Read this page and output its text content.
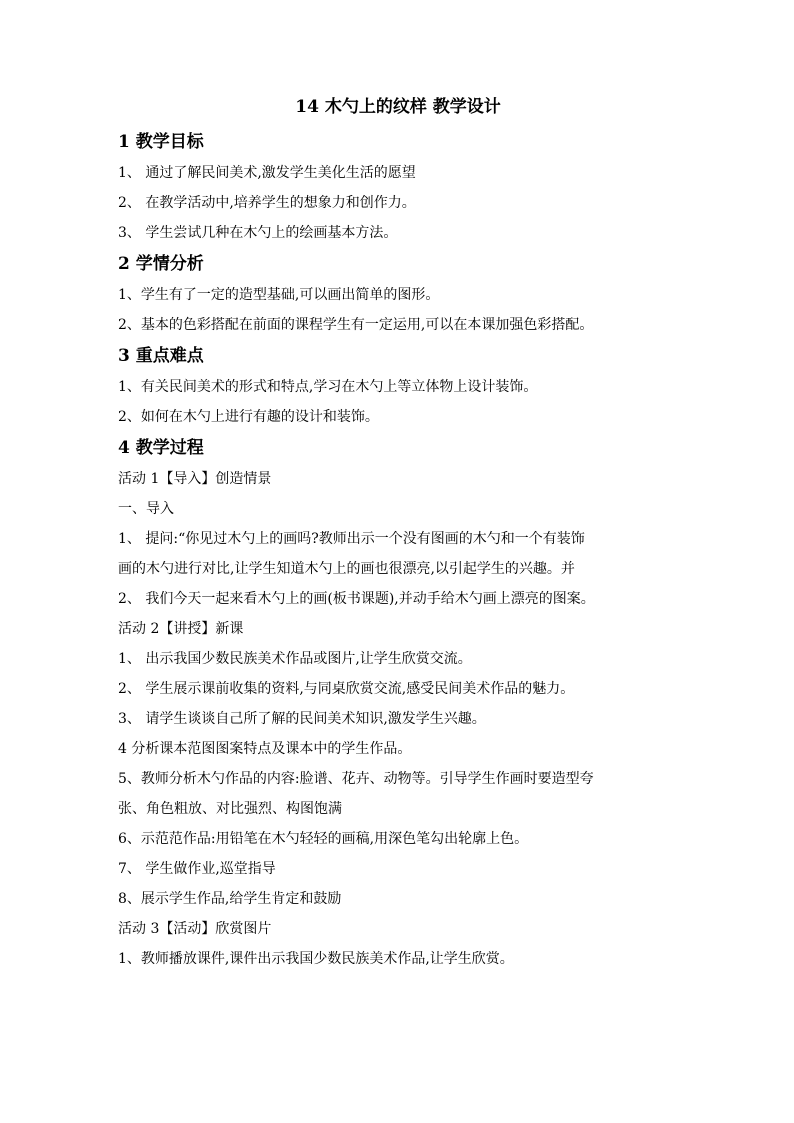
14 木勺上的纹样 教学设计
1 教学目标
1、 通过了解民间美术,激发学生美化生活的愿望
2、 在教学活动中,培养学生的想象力和创作力。
3、 学生尝试几种在木勺上的绘画基本方法。
2 学情分析
1、学生有了一定的造型基础,可以画出简单的图形。
2、基本的色彩搭配在前面的课程学生有一定运用,可以在本课加强色彩搭配。
3 重点难点
1、有关民间美术的形式和特点,学习在木勺上等立体物上设计装饰。
2、如何在木勺上进行有趣的设计和装饰。
4 教学过程
活动 1【导入】创造情景
一、导入
1、 提问:“你见过木勺上的画吗?教师出示一个没有图画的木勺和一个有装饰
画的木勺进行对比,让学生知道木勺上的画也很漂亮,以引起学生的兴趣。并
2、 我们今天一起来看木勺上的画(板书课题),并动手给木勺画上漂亮的图案。
活动 2【讲授】新课
1、 出示我国少数民族美术作品或图片,让学生欣赏交流。
2、 学生展示课前收集的资料,与同桌欣赏交流,感受民间美术作品的魅力。
3、 请学生谈谈自己所了解的民间美术知识,激发学生兴趣。
4 分析课本范图图案特点及课本中的学生作品。
5、教师分析木勺作品的内容:脸谱、花卉、动物等。引导学生作画时要造型夸
张、角色粗放、对比强烈、构图饱满
6、示范范作品:用铅笔在木勺轻轻的画稿,用深色笔勾出轮廓上色。
7、 学生做作业,巡堂指导
8、展示学生作品,给学生肯定和鼓励
活动 3【活动】欣赏图片
1、教师播放课件,课件出示我国少数民族美术作品,让学生欣赏。
